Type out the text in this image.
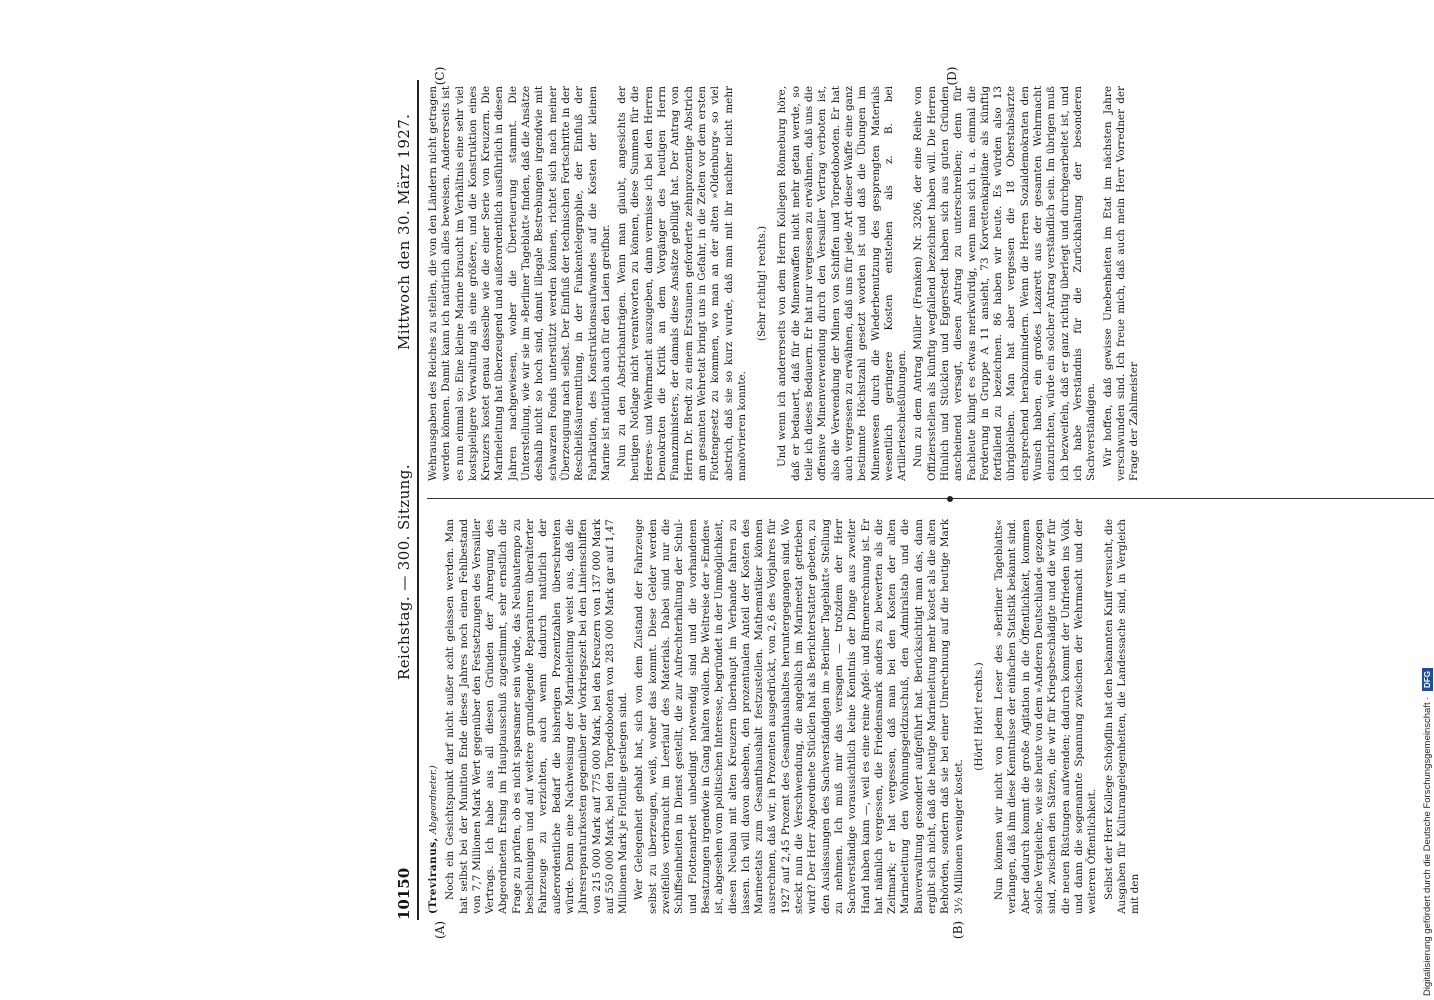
10150
Reichstag. — 300. Sitzung.
Mittwoch den 30. März 1927.
(A)	(B)
(C)	(D)

(Treviranus, Abgeordneter.) Noch ein Gesichtspunkt darf nicht außer acht gelassen werden. Man hat selbst bei der Munition Ende dieses Jahres noch einen Fehlbestand von 7,7 Millionen Mark Wert gegenüber den Festsetzungen des Versailler Vertrags. Ich habe aus all diesen Gründen der Anregung des Abgeordneten Ersing im Hauptausschuß zugestimmt, sehr ernstlich die Frage zu prüfen, ob es nicht sparsamer sein würde, das Neubautempo zu beschleunigen und auf weitere grundlegende Reparaturen überalterter Fahrzeuge zu verzichten, auch wenn dadurch natürlich der außerordentliche Bedarf die bisherigen Prozentzahlen überschreiten würde. Denn eine Nachweisung der Marineleitung weist aus, daß die Jahresreparaturkosten gegenüber der Vorkriegszeit bei den Linienschiffen von 215 000 Mark auf 775 000 Mark, bei den Kreuzern von 137 000 Mark auf 550 000 Mark, bei den Torpedobooten von 283 000 Mark gar auf 1,47 Millionen Mark je Flottille gestiegen sind. Wer Gelegenheit gehabt hat, sich von dem Zustand der Fahrzeuge selbst zu überzeugen, weiß, woher das kommt. Diese Gelder werden zweifellos verbraucht im Leerlauf des Materials. Dabei sind nur die Schiffseinheiten in Dienst gestellt, die zur Aufrechterhaltung der Schul- und Flottenarbeit unbedingt notwendig sind und die vorhandenen Besatzungen irgendwie in Gang halten wollen. Die Weltreise der »Emden« ist, abgesehen vom politischen Interesse, begründet in der Unmöglichkeit, diesen Neubau mit alten Kreuzern überhaupt im Verbande fahren zu lassen. Ich will davon absehen, den prozentualen Anteil der Kosten des Marineetats zum Gesamthaushalt festzustellen. Mathematiker können ausrechnen, daß wir, in Prozenten ausgedrückt, von 2,6 des Vorjahres für 1927 auf 2,45 Prozent des Gesamthaushaltes heruntergegangen sind. Wo steckt nun die Verschwendung, die angeblich im Marineetat getrieben wird? Der Herr Abgeordnete Stücklen hat als Berichterstatter gebeten, zu den Auslassungen des Sachverständigen im »Berliner Tageblatt« Stellung zu nehmen. Ich muß mir das versagen — trotzdem der Herr Sachverständige voraussichtlich keine Kenntnis der Dinge aus zweiter Hand haben kann —, weil es eine reine Apfel- und Birnenrechnung ist. Er hat nämlich vergessen, die Friedensmark anders zu bewerten als die Zeitmark; er hat vergessen, daß man bei den Kosten der alten Marineleitung den Wohnungsgeldzuschuß, den Admiralstab und die Bauverwaltung gesondert aufgeführt hat. Berücksichtigt man das, dann ergibt sich nicht, daß die heutige Marineleitung mehr kostet als die alten Behörden, sondern daß sie bei einer Umrechnung auf die heutige Mark 3½ Millionen weniger kostet.

(Hört! Hört! rechts.) Nun können wir nicht von jedem Leser des »Berliner Tageblatts« verlangen, daß ihm diese Kenntnisse der einfachen Statistik bekannt sind. Aber dadurch kommt die große Agitation in die Öffentlichkeit, kommen solche Vergleiche, wie sie heute von dem »Anderen Deutschland« gezogen sind, zwischen den Sätzen, die wir für Kriegsbeschädigte und die wir für die neuen Rüstungen aufwenden; dadurch kommt der Unfrieden ins Volk und dann die sogenannte Spannung zwischen der Wehrmacht und der weiteren Öffentlichkeit. Selbst der Herr Kollege Schöpflin hat den bekannten Kniff versucht, die Ausgaben für Kulturangelegenheiten, die Landessache sind, in Vergleich mit den

Wehrausgaben des Reiches zu stellen, die von den Ländern nicht getragen werden können. Damit kann ich natürlich alles beweisen. Andererseits ist es nun einmal so: Eine kleine Marine braucht im Verhältnis eine sehr viel kostspieligere Verwaltung als eine größere, und die Konstruktion eines Kreuzers kostet genau dasselbe wie die einer Serie von Kreuzern. Die Marineleitung hat überzeugend und außerordentlich ausführlich in diesen Jahren nachgewiesen, woher die Überteuerung stammt. Die Unterstellung, wie wir sie im »Berliner Tageblatt« finden, daß die Ansätze deshalb nicht so hoch sind, damit illegale Bestrebungen irgendwie mit schwarzen Fonds unterstützt werden können, richtet sich nach meiner Überzeugung nach selbst. Der Einfluß der technischen Fortschritte in der Reschleißsäuremittlung, in der Funkentelegraphie, der Einfluß der Fabrikation, des Konstruktionsaufwandes auf die Kosten der kleinen Marine ist natürlich auch für den Laien greifbar. Nun zu den Abstrichanträgen. Wenn man glaubt, angesichts der heutigen Notlage nicht verantworten zu können, diese Summen für die Heeres- und Wehrmacht auszugeben, dann vermisse ich bei den Herren Demokraten die Kritik an dem Vorgänger des heutigen Herrn Finanzministers, der damals diese Ansätze gebilligt hat. Der Antrag von Herrn Dr. Bredt zu einem Erstaunen geforderte zehnprozentige Abstrich am gesamten Wehretat bringt uns in Gefahr, in die Zeiten vor dem ersten Flottengesetz zu kommen, wo man an der alten »Oldenburg« so viel abstrich, daß sie so kurz wurde, daß man mit ihr nachher nicht mehr manövrieren konnte.

(Sehr richtig! rechts.) Und wenn ich andererseits von dem Herrn Kollegen Rönneburg höre, daß er bedauert, daß für die Minenwaffen nicht mehr getan werde, so teile ich dieses Bedauern. Er hat nur vergessen zu erwähnen, daß uns die offensive Minenverwendung durch den Versailler Vertrag verboten ist, also die Verwendung der Minen von Schiffen und Torpedobooten. Er hat auch vergessen zu erwähnen, daß uns für jede Art dieser Waffe eine ganz bestimmte Höchstzahl gesetzt worden ist und daß die Übungen im Minenwesen durch die Wiederbenutzung des gesprengten Materials wesentlich geringere Kosten entstehen als z. B. bei Artillerieschießübungen. Nun zu dem Antrag Müller (Franken) Nr. 3206, der eine Reihe von Offiziersstellen als künftig wegfallend bezeichnet haben will. Die Herren Hünlich und Stücklen und Eggerstedt haben sich aus guten Gründen anscheinend versagt, diesen Antrag zu unterschreiben; denn für Fachleute klingt es etwas merkwürdig, wenn man sich u. a. einmal die Forderung in Gruppe A 11 ansieht, 73 Korvettenkapitäne als künftig fortfallend zu bezeichnen. 86 haben wir heute. Es würden also 13 übrigbleiben. Man hat aber vergessen die 18 Oberstabsärzte entsprechend herabzumindern. Wenn die Herren Sozialdemokraten den Wunsch haben, ein großes Lazarett aus der gesamten Wehrmacht einzurichten, würde ein solcher Antrag verständlich sein. Im übrigen muß ich bezweifeln, daß er ganz richtig überlegt und durchgearbeitet ist, und ich habe Verständnis für die Zurückhaltung der besonderen Sachverständigen. Wir hoffen, daß gewisse Unebenheiten im Etat im nächsten Jahre verschwunden sind. Ich freue mich, daß auch mein Herr Vorredner der Frage der Zahlmeister

Digitalisierung gefördert durch die Deutsche Forschungsgemeinschaft · DFG
